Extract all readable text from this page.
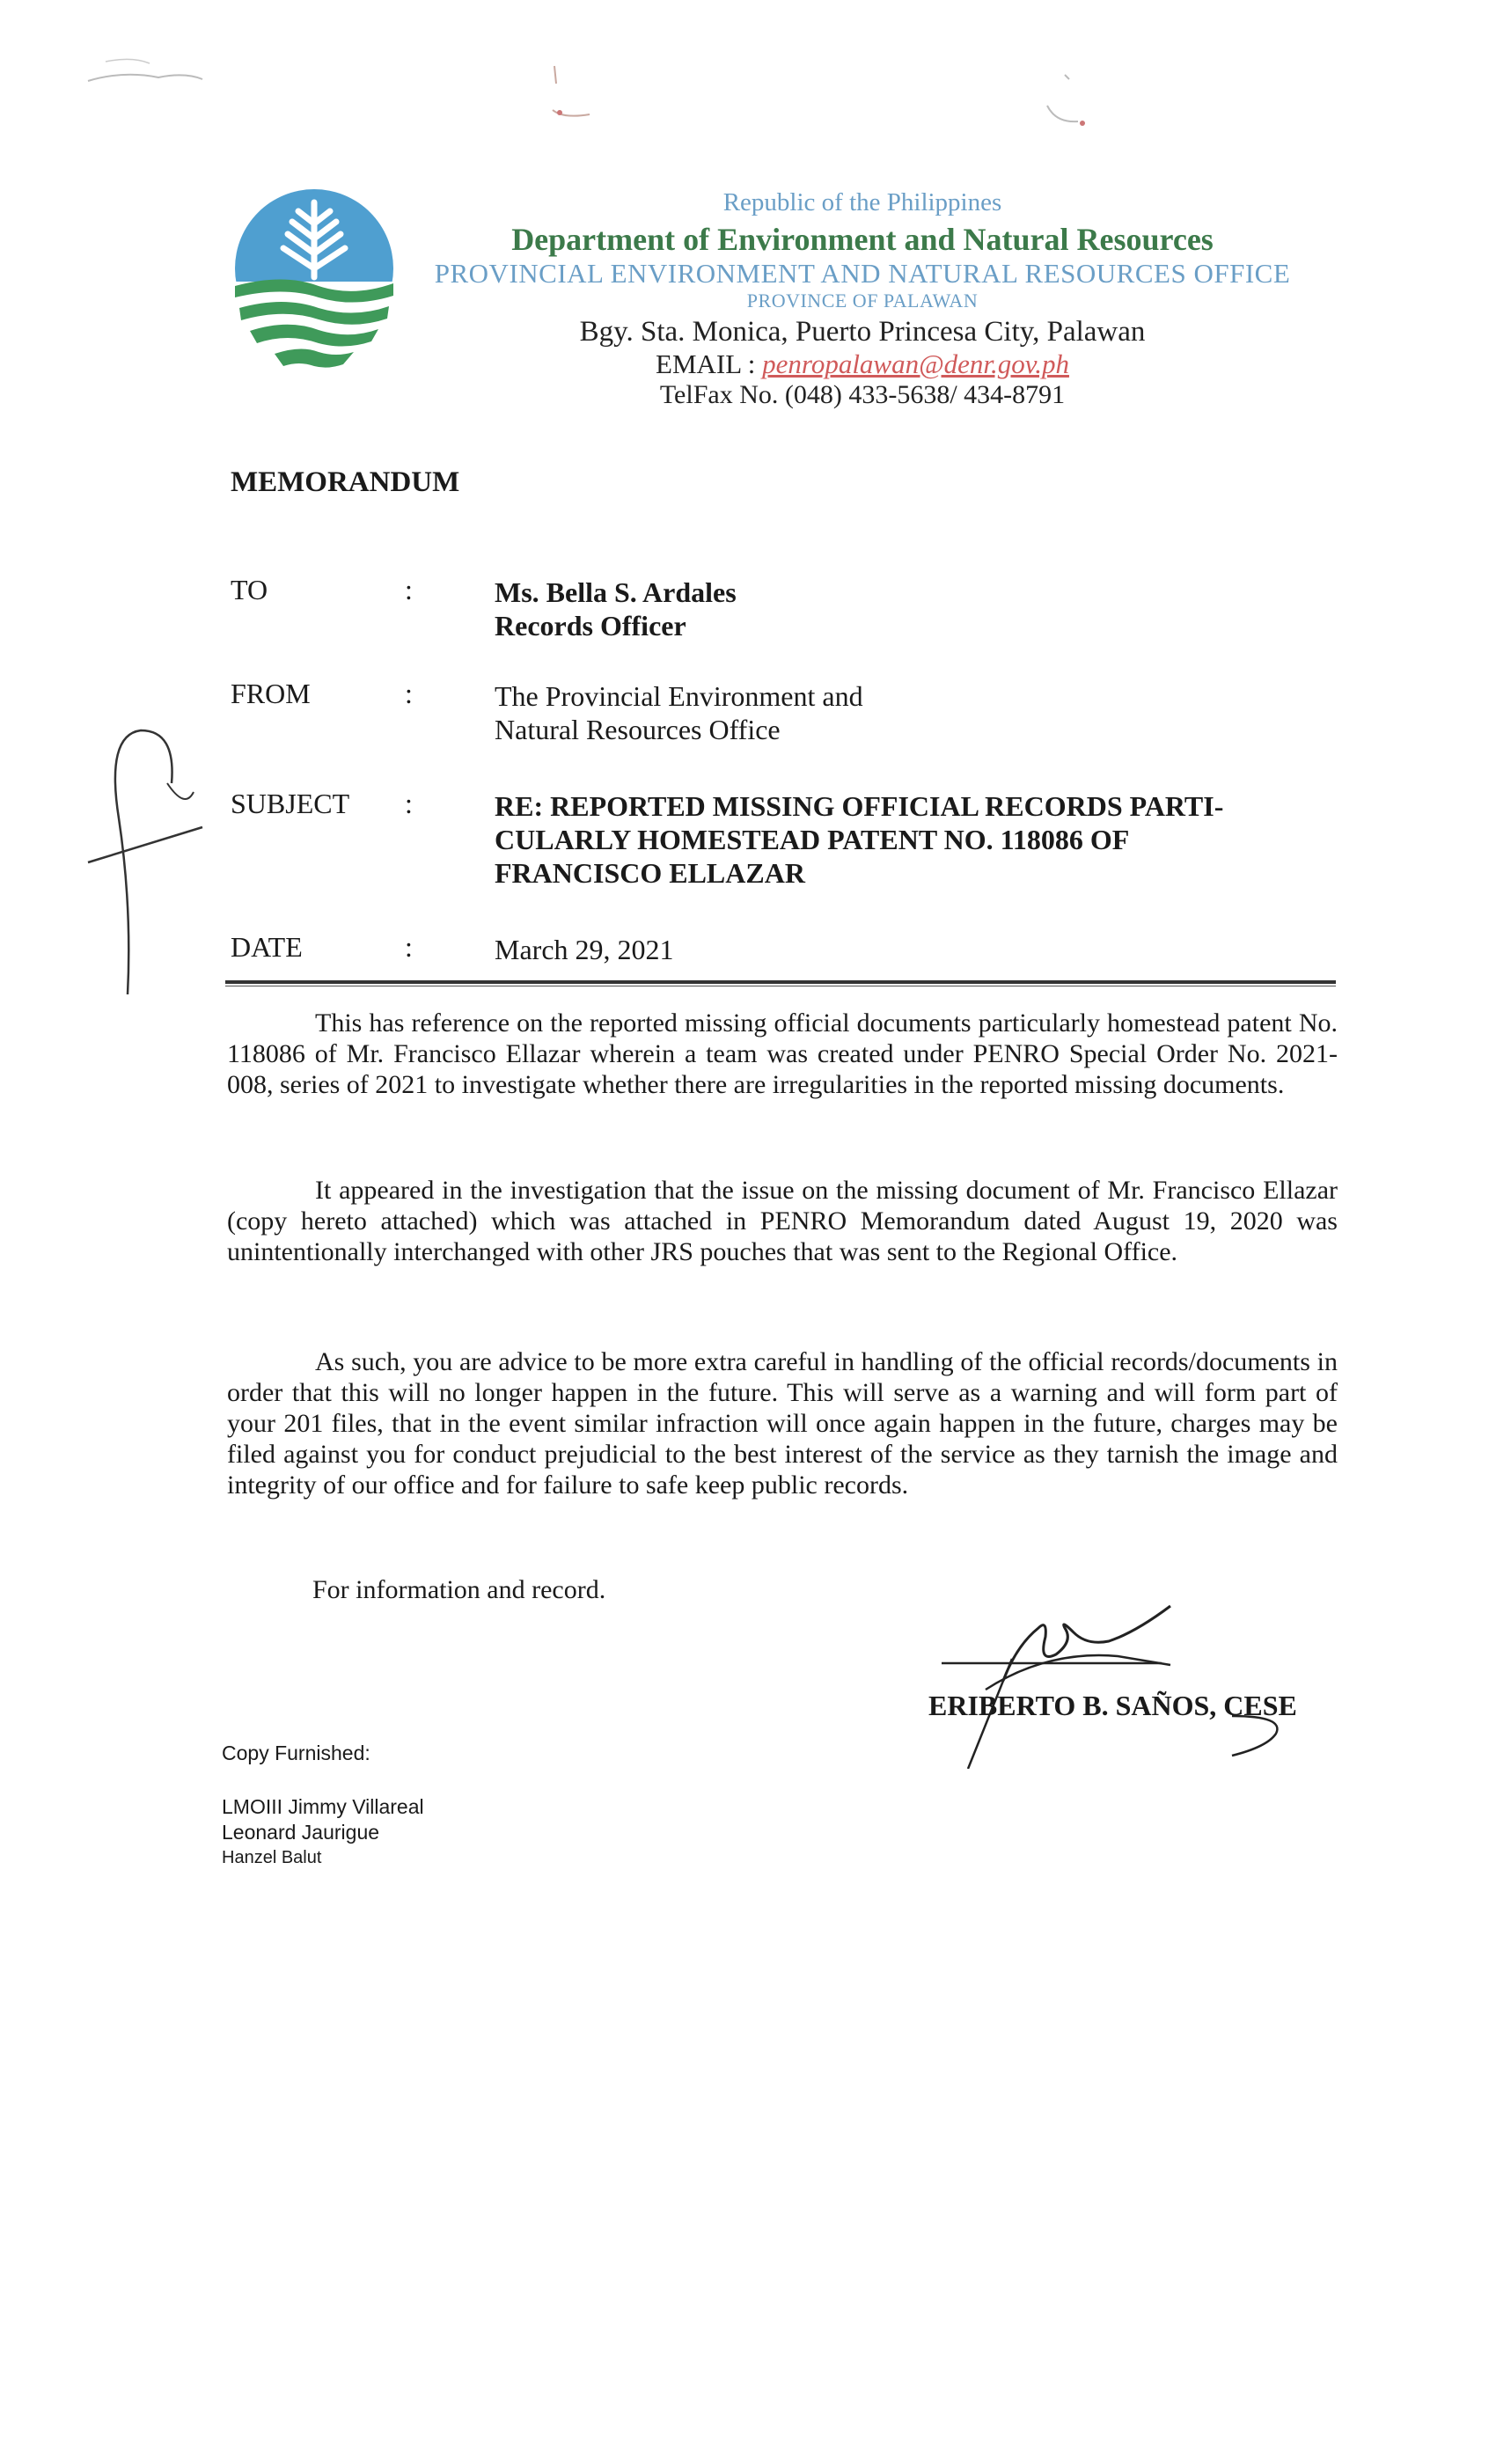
Republic of the Philippines
Department of Environment and Natural Resources
PROVINCIAL ENVIRONMENT AND NATURAL RESOURCES OFFICE
PROVINCE OF PALAWAN
Bgy. Sta. Monica, Puerto Princesa City, Palawan
EMAIL : penropalawan@denr.gov.ph
TelFax No. (048) 433-5638/ 434-8791
MEMORANDUM
TO	:	Ms. Bella S. Ardales
Records Officer
FROM	:	The Provincial Environment and
Natural Resources Office
SUBJECT :	RE: REPORTED MISSING OFFICIAL RECORDS PARTI-CULARLY HOMESTEAD PATENT NO. 118086 OF FRANCISCO ELLAZAR
DATE	:	March 29, 2021

This has reference on the reported missing official documents particularly homestead patent No. 118086 of Mr. Francisco Ellazar wherein a team was created under PENRO Special Order No. 2021-008, series of 2021 to investigate whether there are irregularities in the reported missing documents.

It appeared in the investigation that the issue on the missing document of Mr. Francisco Ellazar (copy hereto attached) which was attached in PENRO Memorandum dated August 19, 2020 was unintentionally interchanged with other JRS pouches that was sent to the Regional Office.

As such, you are advice to be more extra careful in handling of the official records/documents in order that this will no longer happen in the future. This will serve as a warning and will form part of your 201 files, that in the event similar infraction will once again happen in the future, charges may be filed against you for conduct prejudicial to the best interest of the service as they tarnish the image and integrity of our office and for failure to safe keep public records.

For information and record.
ERIBERTO B. SAÑOS, CESE
Copy Furnished:
LMOIII Jimmy Villareal
Leonard Jaurigue
Hanzel Balut
